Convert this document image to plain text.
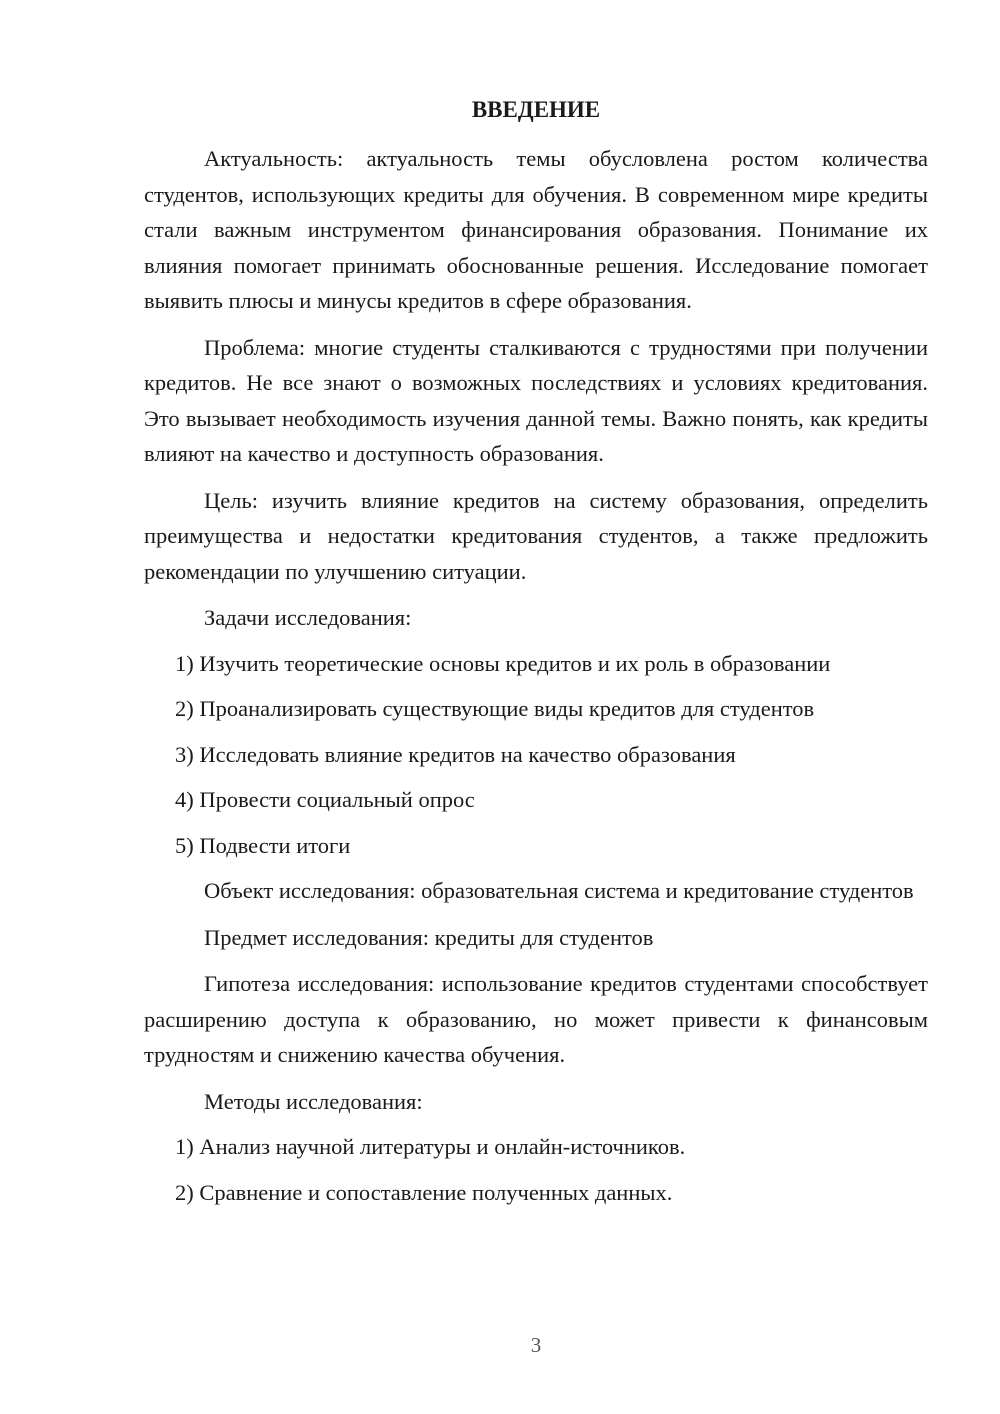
ВВЕДЕНИЕ

Актуальность: актуальность темы обусловлена ростом количества студентов, использующих кредиты для обучения. В современном мире кредиты стали важным инструментом финансирования образования. Понимание их влияния помогает принимать обоснованные решения. Исследование помогает выявить плюсы и минусы кредитов в сфере образования.

Проблема: многие студенты сталкиваются с трудностями при получении кредитов. Не все знают о возможных последствиях и условиях кредитования. Это вызывает необходимость изучения данной темы. Важно понять, как кредиты влияют на качество и доступность образования.

Цель: изучить влияние кредитов на систему образования, определить преимущества и недостатки кредитования студентов, а также предложить рекомендации по улучшению ситуации.

Задачи исследования:

1) Изучить теоретические основы кредитов и их роль в образовании

2) Проанализировать существующие виды кредитов для студентов

3) Исследовать влияние кредитов на качество образования

4) Провести социальный опрос

5) Подвести итоги

Объект исследования: образовательная система и кредитование студентов

Предмет исследования: кредиты для студентов

Гипотеза исследования: использование кредитов студентами способствует расширению доступа к образованию, но может привести к финансовым трудностям и снижению качества обучения.

Методы исследования:

1) Анализ научной литературы и онлайн-источников.

2) Сравнение и сопоставление полученных данных.

3
